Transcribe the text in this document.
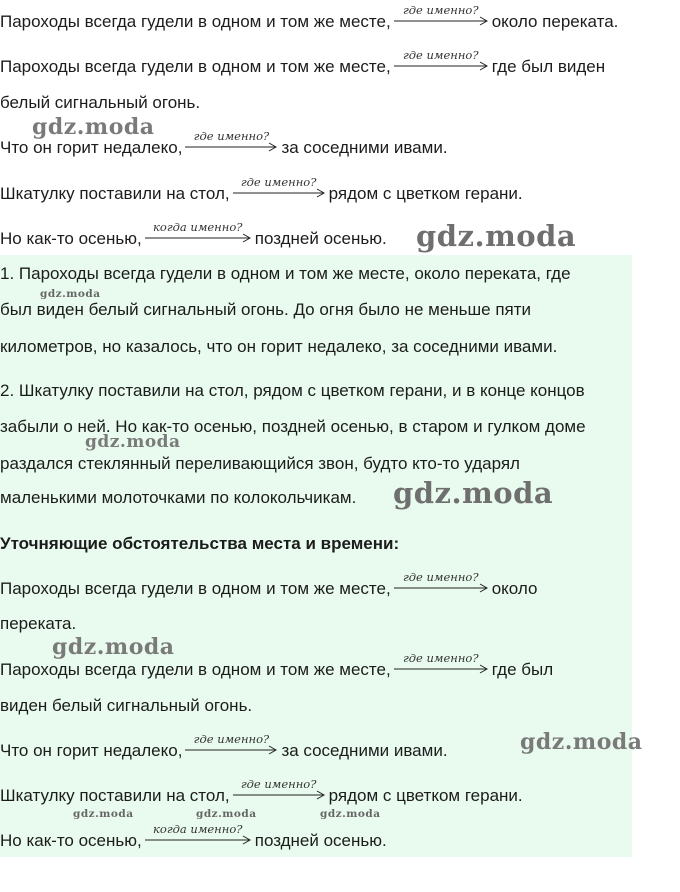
Пароходы всегда гудели в одном и том же месте,
где именно?
около переката.
Пароходы всегда гудели в одном и том же месте,
где именно?
где был виден
белый сигнальный огонь.
Что он горит недалеко,
где именно?
за соседними ивами.
Шкатулку поставили на стол,
где именно?
рядом с цветком герани.
Но как-то осенью,
когда именно?
поздней осенью.
1. Пароходы всегда гудели в одном и том же месте, около переката, где
был виден белый сигнальный огонь. До огня было не меньше пяти
километров, но казалось, что он горит недалеко, за соседними ивами.
2. Шкатулку поставили на стол, рядом с цветком герани, и в конце концов
забыли о ней. Но как-то осенью, поздней осенью, в старом и гулком доме
раздался стеклянный переливающийся звон, будто кто-то ударял
маленькими молоточками по колокольчикам.
Уточняющие обстоятельства места и времени:
Пароходы всегда гудели в одном и том же месте,
где именно?
около
переката.
Пароходы всегда гудели в одном и том же месте,
где именно?
где был
виден белый сигнальный огонь.
Что он горит недалеко,
где именно?
за соседними ивами.
Шкатулку поставили на стол,
где именно?
рядом с цветком герани.
Но как-то осенью,
когда именно?
поздней осенью.
gdz.moda
gdz.moda
gdz.moda
gdz.moda
gdz.moda
gdz.moda
gdz.moda
gdz.moda	gdz.moda	gdz.moda
